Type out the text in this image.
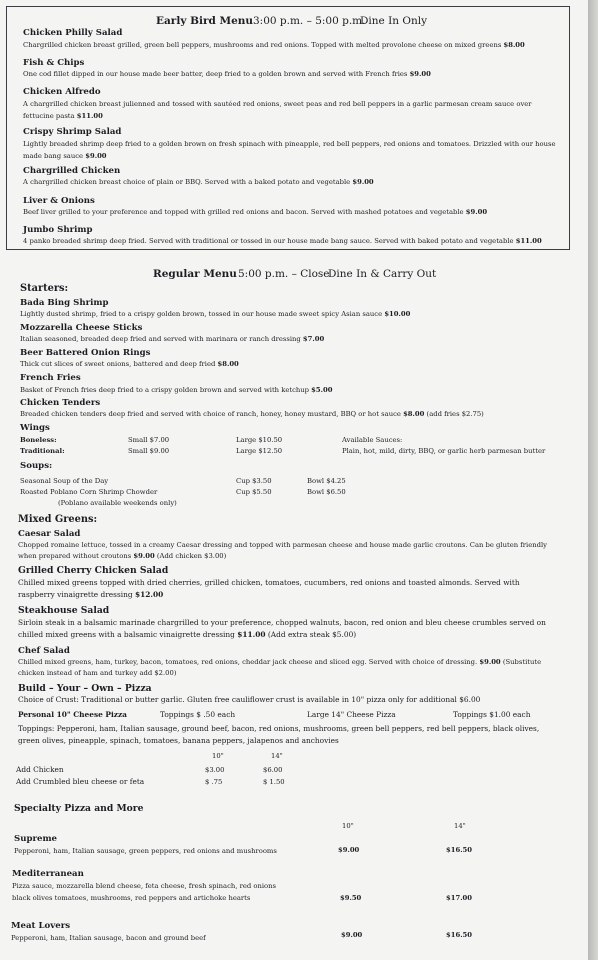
Early Bird Menu 3:00 p.m. – 5:00 p.m.
Dine In Only
Chicken Philly Salad
Chargrilled chicken breast grilled, green bell peppers, mushrooms and red onions. Topped with melted provolone cheese on mixed greens $8.00
Fish & Chips
One cod fillet dipped in our house made beer batter, deep fried to a golden brown and served with French fries $9.00
Chicken Alfredo
A chargrilled chicken breast julienned and tossed with sautéed red onions, sweet peas and red bell peppers in a garlic parmesan cream sauce over fettucine pasta $11.00
Crispy Shrimp Salad
Lightly breaded shrimp deep fried to a golden brown on fresh spinach with pineapple, red bell peppers, red onions and tomatoes. Drizzled with our house made bang sauce $9.00
Chargrilled Chicken
A chargrilled chicken breast choice of plain or BBQ. Served with a baked potato and vegetable $9.00
Liver & Onions
Beef liver grilled to your preference and topped with grilled red onions and bacon. Served with mashed potatoes and vegetable $9.00
Jumbo Shrimp
4 panko breaded shrimp deep fried. Served with traditional or tossed in our house made bang sauce. Served with baked potato and vegetable $11.00
Regular Menu 5:00 p.m. – Close
Dine In & Carry Out
Starters:
Bada Bing Shrimp
Lightly dusted shrimp, fried to a crispy golden brown, tossed in our house made sweet spicy Asian sauce $10.00
Mozzarella Cheese Sticks
Italian seasoned, breaded deep fried and served with marinara or ranch dressing $7.00
Beer Battered Onion Rings
Thick cut slices of sweet onions, battered and deep fried $8.00
French Fries
Basket of French fries deep fried to a crispy golden brown and served with ketchup $5.00
Chicken Tenders
Breaded chicken tenders deep fried and served with choice of ranch, honey, honey mustard, BBQ or hot sauce $8.00 (add fries $2.75)
Wings
Boneless:	Small $7.00	Large $10.50
Traditional:	Small $9.00	Large $12.50
Available Sauces:
Plain, hot, mild, dirty, BBQ, or garlic herb parmesan butter
Soups:
Seasonal Soup of the Day	Cup $3.50	Bowl $4.25
Roasted Poblano Corn Shrimp Chowder	Cup $5.50	Bowl $6.50
(Poblano available weekends only)
Mixed Greens:
Caesar Salad
Chopped romaine lettuce, tossed in a creamy Caesar dressing and topped with parmesan cheese and house made garlic croutons. Can be gluten friendly when prepared without croutons $9.00 (Add chicken $3.00)
Grilled Cherry Chicken Salad
Chilled mixed greens topped with dried cherries, grilled chicken, tomatoes, cucumbers, red onions and toasted almonds. Served with raspberry vinaigrette dressing $12.00
Steakhouse Salad
Sirloin steak in a balsamic marinade chargrilled to your preference, chopped walnuts, bacon, red onion and bleu cheese crumbles served on chilled mixed greens with a balsamic vinaigrette dressing $11.00 (Add extra steak $5.00)
Chef Salad
Chilled mixed greens, ham, turkey, bacon, tomatoes, red onions, cheddar jack cheese and sliced egg. Served with choice of dressing. $9.00 (Substitute chicken instead of ham and turkey add $2.00)
Build – Your – Own – Pizza
Choice of Crust: Traditional or butter garlic. Gluten free cauliflower crust is available in 10" pizza only for additional $6.00
Personal 10" Cheese Pizza	Toppings $ .50 each	Large 14" Cheese Pizza	Toppings $1.00 each
Toppings: Pepperoni, ham, Italian sausage, ground beef, bacon, red onions, mushrooms, green bell peppers, red bell peppers, black olives, green olives, pineapple, spinach, tomatoes, banana peppers, jalapenos and anchovies
10"	14"
Add Chicken	$3.00	$6.00
Add Crumbled bleu cheese or feta	$ .75	$ 1.50
Specialty Pizza and More
10"	14"
Supreme
Pepperoni, ham, Italian sausage, green peppers, red onions and mushrooms	$9.00	$16.50
Mediterranean
Pizza sauce, mozzarella blend cheese, feta cheese, fresh spinach, red onions
black olives tomatoes, mushrooms, red peppers and artichoke hearts	$9.50	$17.00
Meat Lovers
Pepperoni, ham, Italian sausage, bacon and ground beef	$9.00	$16.50
